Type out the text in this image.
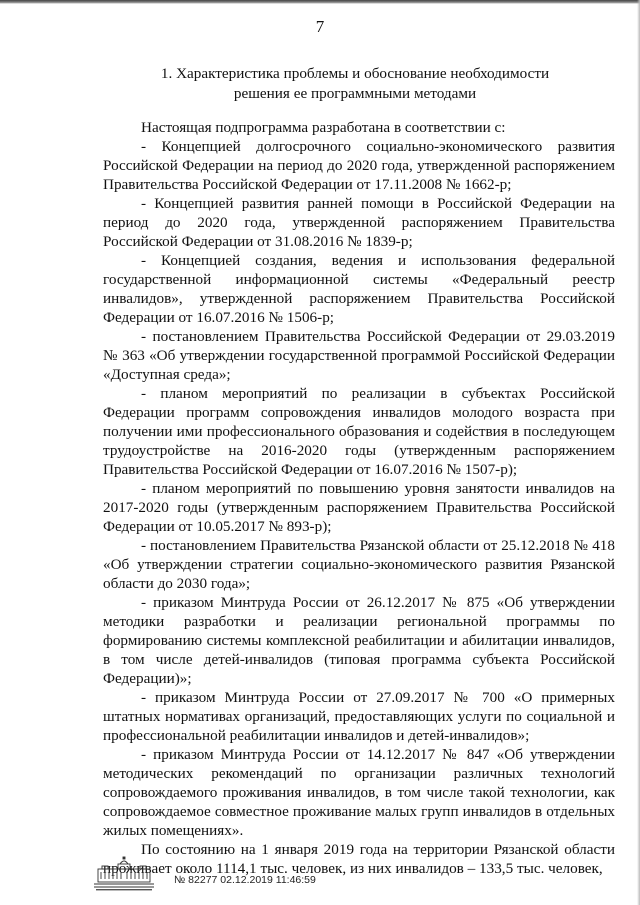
7
1. Характеристика проблемы и обоснование необходимости
решения ее программными методами

Настоящая подпрограмма разработана в соответствии с:

- Концепцией долгосрочного социально-экономического развития Российской Федерации на период до 2020 года, утвержденной распоряжением Правительства Российской Федерации от 17.11.2008 № 1662-р;

- Концепцией развития ранней помощи в Российской Федерации на период до 2020 года, утвержденной распоряжением Правительства Российской Федерации от 31.08.2016 № 1839-р;

- Концепцией создания, ведения и использования федеральной государственной информационной системы «Федеральный реестр инвалидов», утвержденной распоряжением Правительства Российской Федерации от 16.07.2016 № 1506-р;

- постановлением Правительства Российской Федерации от 29.03.2019 № 363 «Об утверждении государственной программой Российской Федерации «Доступная среда»;

- планом мероприятий по реализации в субъектах Российской Федерации программ сопровождения инвалидов молодого возраста при получении ими профессионального образования и содействия в последующем трудоустройстве на 2016-2020 годы (утвержденным распоряжением Правительства Российской Федерации от 16.07.2016 № 1507-р);

- планом мероприятий по повышению уровня занятости инвалидов на 2017-2020 годы (утвержденным распоряжением Правительства Российской Федерации от 10.05.2017 № 893-р);

- постановлением Правительства Рязанской области от 25.12.2018 № 418 «Об утверждении стратегии социально-экономического развития Рязанской области до 2030 года»;

- приказом Минтруда России от 26.12.2017 № 875 «Об утверждении методики разработки и реализации региональной программы по формированию системы комплексной реабилитации и абилитации инвалидов, в том числе детей-инвалидов (типовая программа субъекта Российской Федерации)»;

- приказом Минтруда России от 27.09.2017 № 700 «О примерных штатных нормативах организаций, предоставляющих услуги по социальной и профессиональной реабилитации инвалидов и детей-инвалидов»;

- приказом Минтруда России от 14.12.2017 № 847 «Об утверждении методических рекомендаций по организации различных технологий сопровождаемого проживания инвалидов, в том числе такой технологии, как сопровождаемое совместное проживание малых групп инвалидов в отдельных жилых помещениях».

По состоянию на 1 января 2019 года на территории Рязанской области проживает около 1114,1 тыс. человек, из них инвалидов – 133,5 тыс. человек,

№ 82277 02.12.2019 11:46:59
